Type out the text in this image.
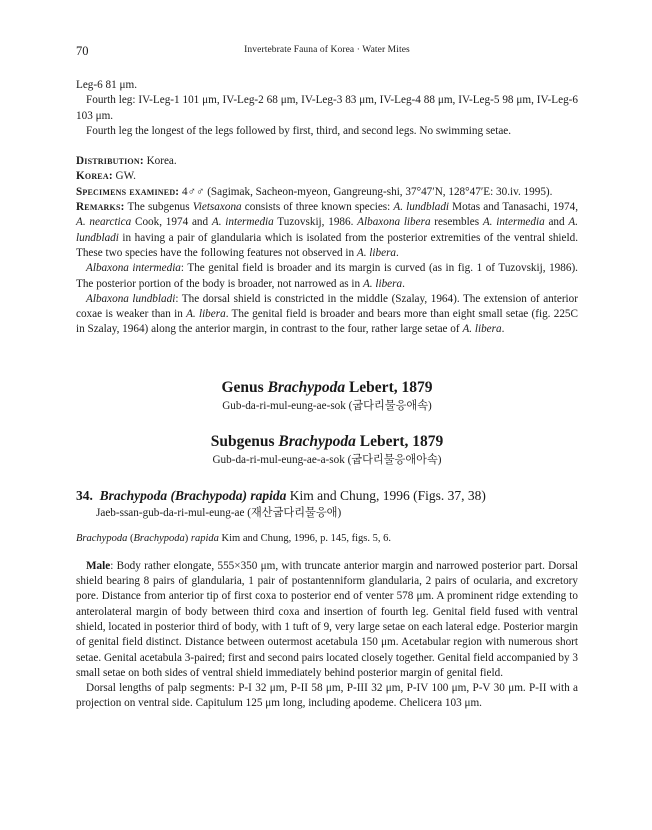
70	Invertebrate Fauna of Korea · Water Mites

Leg-6 81 μm.

Fourth leg: IV-Leg-1 101 μm, IV-Leg-2 68 μm, IV-Leg-3 83 μm, IV-Leg-4 88 μm, IV-Leg-5 98 μm, IV-Leg-6 103 μm.

Fourth leg the longest of the legs followed by first, third, and second legs. No swimming setae.

Distribution: Korea.

Korea: GW.

Specimens examined: 4♂♂ (Sagimak, Sacheon-myeon, Gangreung-shi, 37°47′N, 128°47′E: 30.iv. 1995).

Remarks: The subgenus Vietsaxona consists of three known species: A. lundbladi Motas and Tanasachi, 1974, A. nearctica Cook, 1974 and A. intermedia Tuzovskij, 1986. Albaxona libera resembles A. intermedia and A. lundbladi in having a pair of glandularia which is isolated from the posterior extremities of the ventral shield. These two species have the following features not observed in A. libera.

Albaxona intermedia: The genital field is broader and its margin is curved (as in fig. 1 of Tuzovskij, 1986). The posterior portion of the body is broader, not narrowed as in A. libera.

Albaxona lundbladi: The dorsal shield is constricted in the middle (Szalay, 1964). The extension of anterior coxae is weaker than in A. libera. The genital field is broader and bears more than eight small setae (fig. 225C in Szalay, 1964) along the anterior margin, in contrast to the four, rather large setae of A. libera.

Genus Brachypoda Lebert, 1879
Gub-da-ri-mul-eung-ae-sok (굽다리물응애속)
Subgenus Brachypoda Lebert, 1879
Gub-da-ri-mul-eung-ae-a-sok (굽다리물응애아속)
34. Brachypoda (Brachypoda) rapida Kim and Chung, 1996 (Figs. 37, 38)
Jaeb-ssan-gub-da-ri-mul-eung-ae (재산굽다리물응애)
Brachypoda (Brachypoda) rapida Kim and Chung, 1996, p. 145, figs. 5, 6.

Male: Body rather elongate, 555×350 μm, with truncate anterior margin and narrowed posterior part. Dorsal shield bearing 8 pairs of glandularia, 1 pair of postantenniform glandularia, 2 pairs of ocularia, and excretory pore. Distance from anterior tip of first coxa to posterior end of venter 578 μm. A prominent ridge extending to anterolateral margin of body between third coxa and insertion of fourth leg. Genital field fused with ventral shield, located in posterior third of body, with 1 tuft of 9, very large setae on each lateral edge. Posterior margin of genital field distinct. Distance between outermost acetabula 150 μm. Acetabular region with numerous short setae. Genital acetabula 3-paired; first and second pairs located closely together. Genital field accompanied by 3 small setae on both sides of ventral shield immediately behind posterior margin of genital field.

Dorsal lengths of palp segments: P-I 32 μm, P-II 58 μm, P-III 32 μm, P-IV 100 μm, P-V 30 μm. P-II with a projection on ventral side. Capitulum 125 μm long, including apodeme. Chelicera 103 μm.
